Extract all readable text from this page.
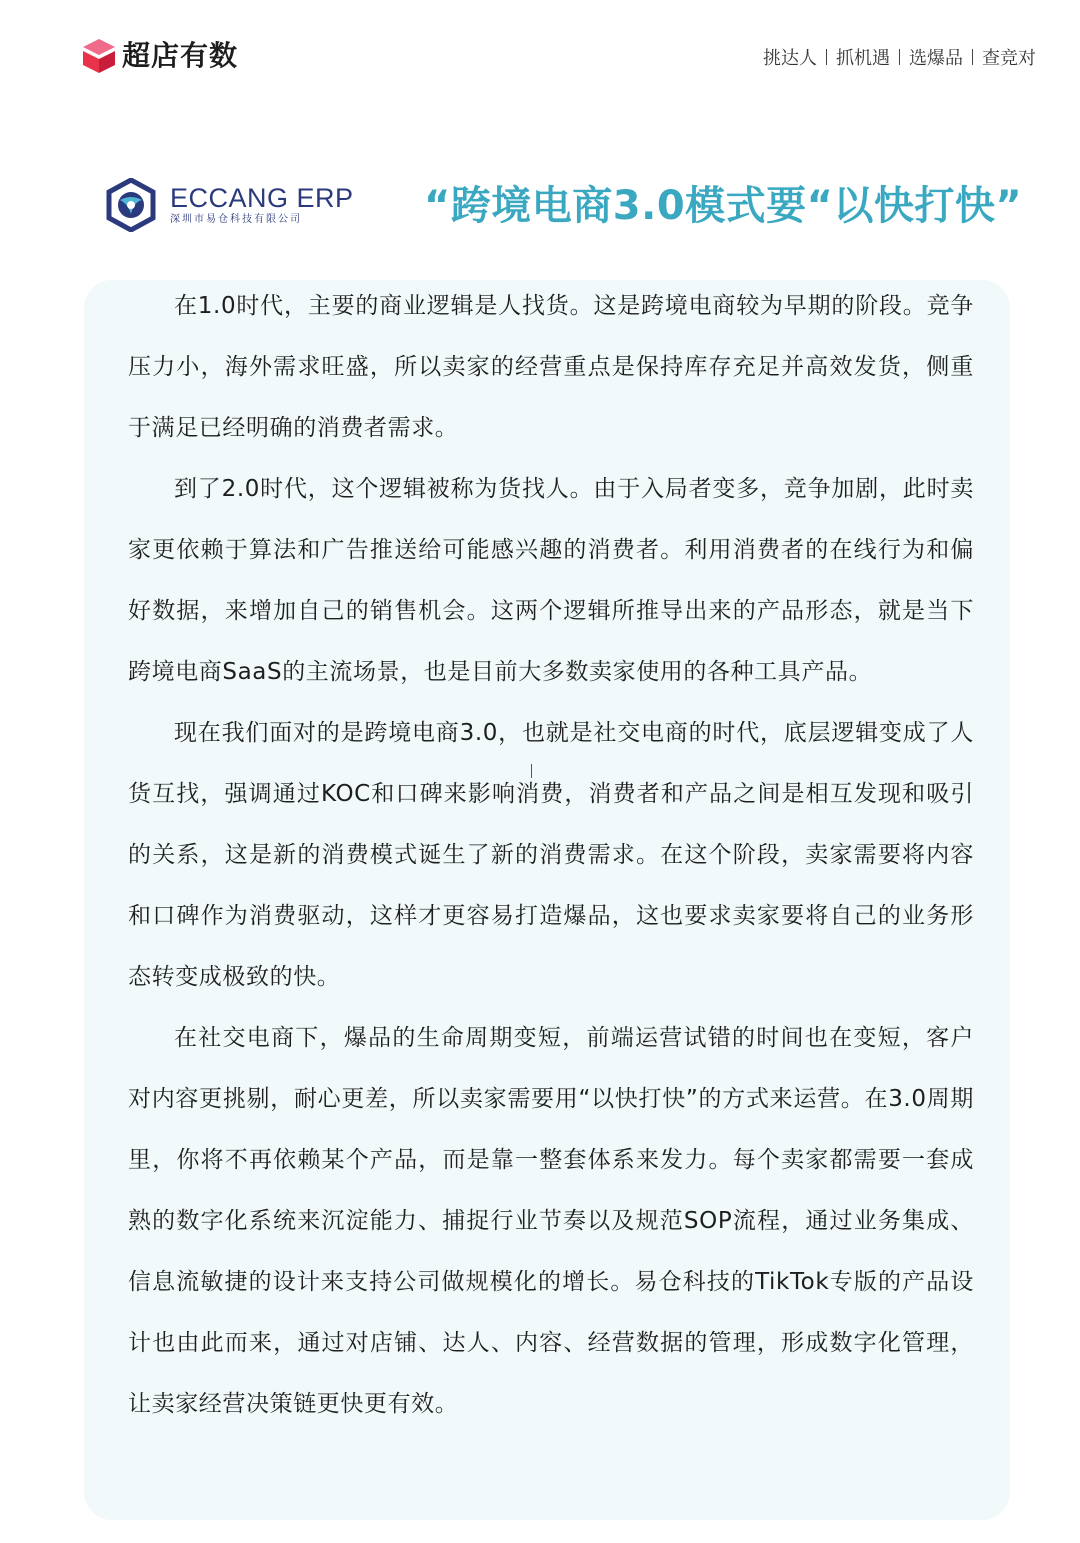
超店有数	挑达人 抓机遇 选爆品 查竞对
ECCANG ERP
深圳市易仓科技有限公司	“跨境电商3.0模式要“以快打快”

在1.0时代，主要的商业逻辑是人找货。这是跨境电商较为早期的阶段。竞争压力小，海外需求旺盛，所以卖家的经营重点是保持库存充足并高效发货，侧重于满足已经明确的消费者需求。

到了2.0时代，这个逻辑被称为货找人。由于入局者变多，竞争加剧，此时卖家更依赖于算法和广告推送给可能感兴趣的消费者。利用消费者的在线行为和偏好数据，来增加自己的销售机会。这两个逻辑所推导出来的产品形态，就是当下跨境电商SaaS的主流场景，也是目前大多数卖家使用的各种工具产品。

现在我们面对的是跨境电商3.0，也就是社交电商的时代，底层逻辑变成了人货互找，强调通过KOC和口碑来影响消费，消费者和产品之间是相互发现和吸引的关系，这是新的消费模式诞生了新的消费需求。在这个阶段，卖家需要将内容和口碑作为消费驱动，这样才更容易打造爆品，这也要求卖家要将自己的业务形态转变成极致的快。

在社交电商下，爆品的生命周期变短，前端运营试错的时间也在变短，客户对内容更挑剔，耐心更差，所以卖家需要用“以快打快”的方式来运营。在3.0周期里，你将不再依赖某个产品，而是靠一整套体系来发力。每个卖家都需要一套成熟的数字化系统来沉淀能力、捕捉行业节奏以及规范SOP流程，通过业务集成、信息流敏捷的设计来支持公司做规模化的增长。易仓科技的TikTok专版的产品设计也由此而来，通过对店铺、达人、内容、经营数据的管理，形成数字化管理，让卖家经营决策链更快更有效。
